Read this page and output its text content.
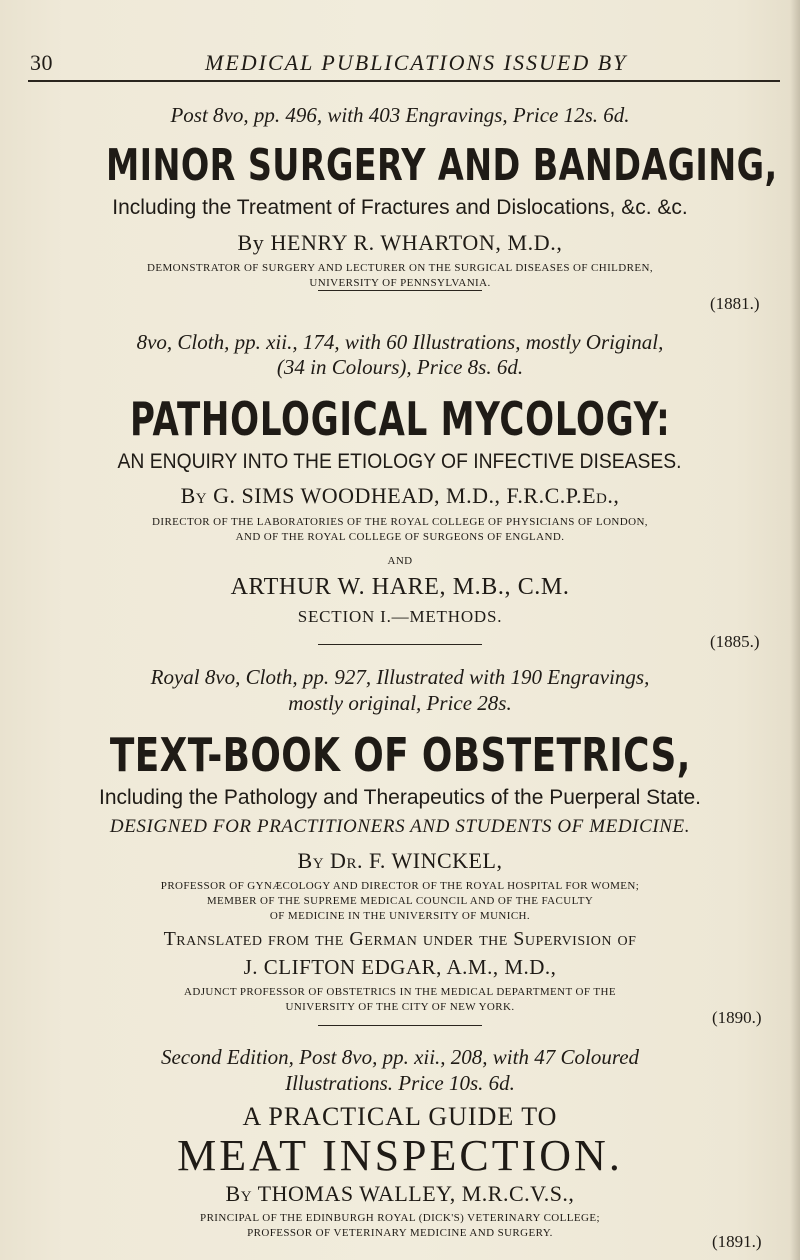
30	MEDICAL PUBLICATIONS ISSUED BY
Post 8vo, pp. 496, with 403 Engravings, Price 12s. 6d.
MINOR SURGERY AND BANDAGING,
Including the Treatment of Fractures and Dislocations, &c. &c.
By HENRY R. WHARTON, M.D.,
DEMONSTRATOR OF SURGERY AND LECTURER ON THE SURGICAL DISEASES OF CHILDREN,
UNIVERSITY OF PENNSYLVANIA.
(1881.)
8vo, Cloth, pp. xii., 174, with 60 Illustrations, mostly Original,
(34 in Colours), Price 8s. 6d.
PATHOLOGICAL MYCOLOGY:
AN ENQUIRY INTO THE ETIOLOGY OF INFECTIVE DISEASES.
By G. SIMS WOODHEAD, M.D., F.R.C.P.Ed.,
DIRECTOR OF THE LABORATORIES OF THE ROYAL COLLEGE OF PHYSICIANS OF LONDON,
AND OF THE ROYAL COLLEGE OF SURGEONS OF ENGLAND.
AND
ARTHUR W. HARE, M.B., C.M.
SECTION I.—METHODS.
(1885.)
Royal 8vo, Cloth, pp. 927, Illustrated with 190 Engravings,
mostly original, Price 28s.
TEXT-BOOK OF OBSTETRICS,
Including the Pathology and Therapeutics of the Puerperal State.
DESIGNED FOR PRACTITIONERS AND STUDENTS OF MEDICINE.
By Dr. F. WINCKEL,
PROFESSOR OF GYNÆCOLOGY AND DIRECTOR OF THE ROYAL HOSPITAL FOR WOMEN;
MEMBER OF THE SUPREME MEDICAL COUNCIL AND OF THE FACULTY
OF MEDICINE IN THE UNIVERSITY OF MUNICH.
Translated from the German under the Supervision of
J. CLIFTON EDGAR, A.M., M.D.,
ADJUNCT PROFESSOR OF OBSTETRICS IN THE MEDICAL DEPARTMENT OF THE
UNIVERSITY OF THE CITY OF NEW YORK.
(1890.)
Second Edition, Post 8vo, pp. xii., 208, with 47 Coloured
Illustrations. Price 10s. 6d.
A PRACTICAL GUIDE TO
MEAT INSPECTION.
By THOMAS WALLEY, M.R.C.V.S.,
PRINCIPAL OF THE EDINBURGH ROYAL (DICK'S) VETERINARY COLLEGE;
PROFESSOR OF VETERINARY MEDICINE AND SURGERY.	(1891.)
